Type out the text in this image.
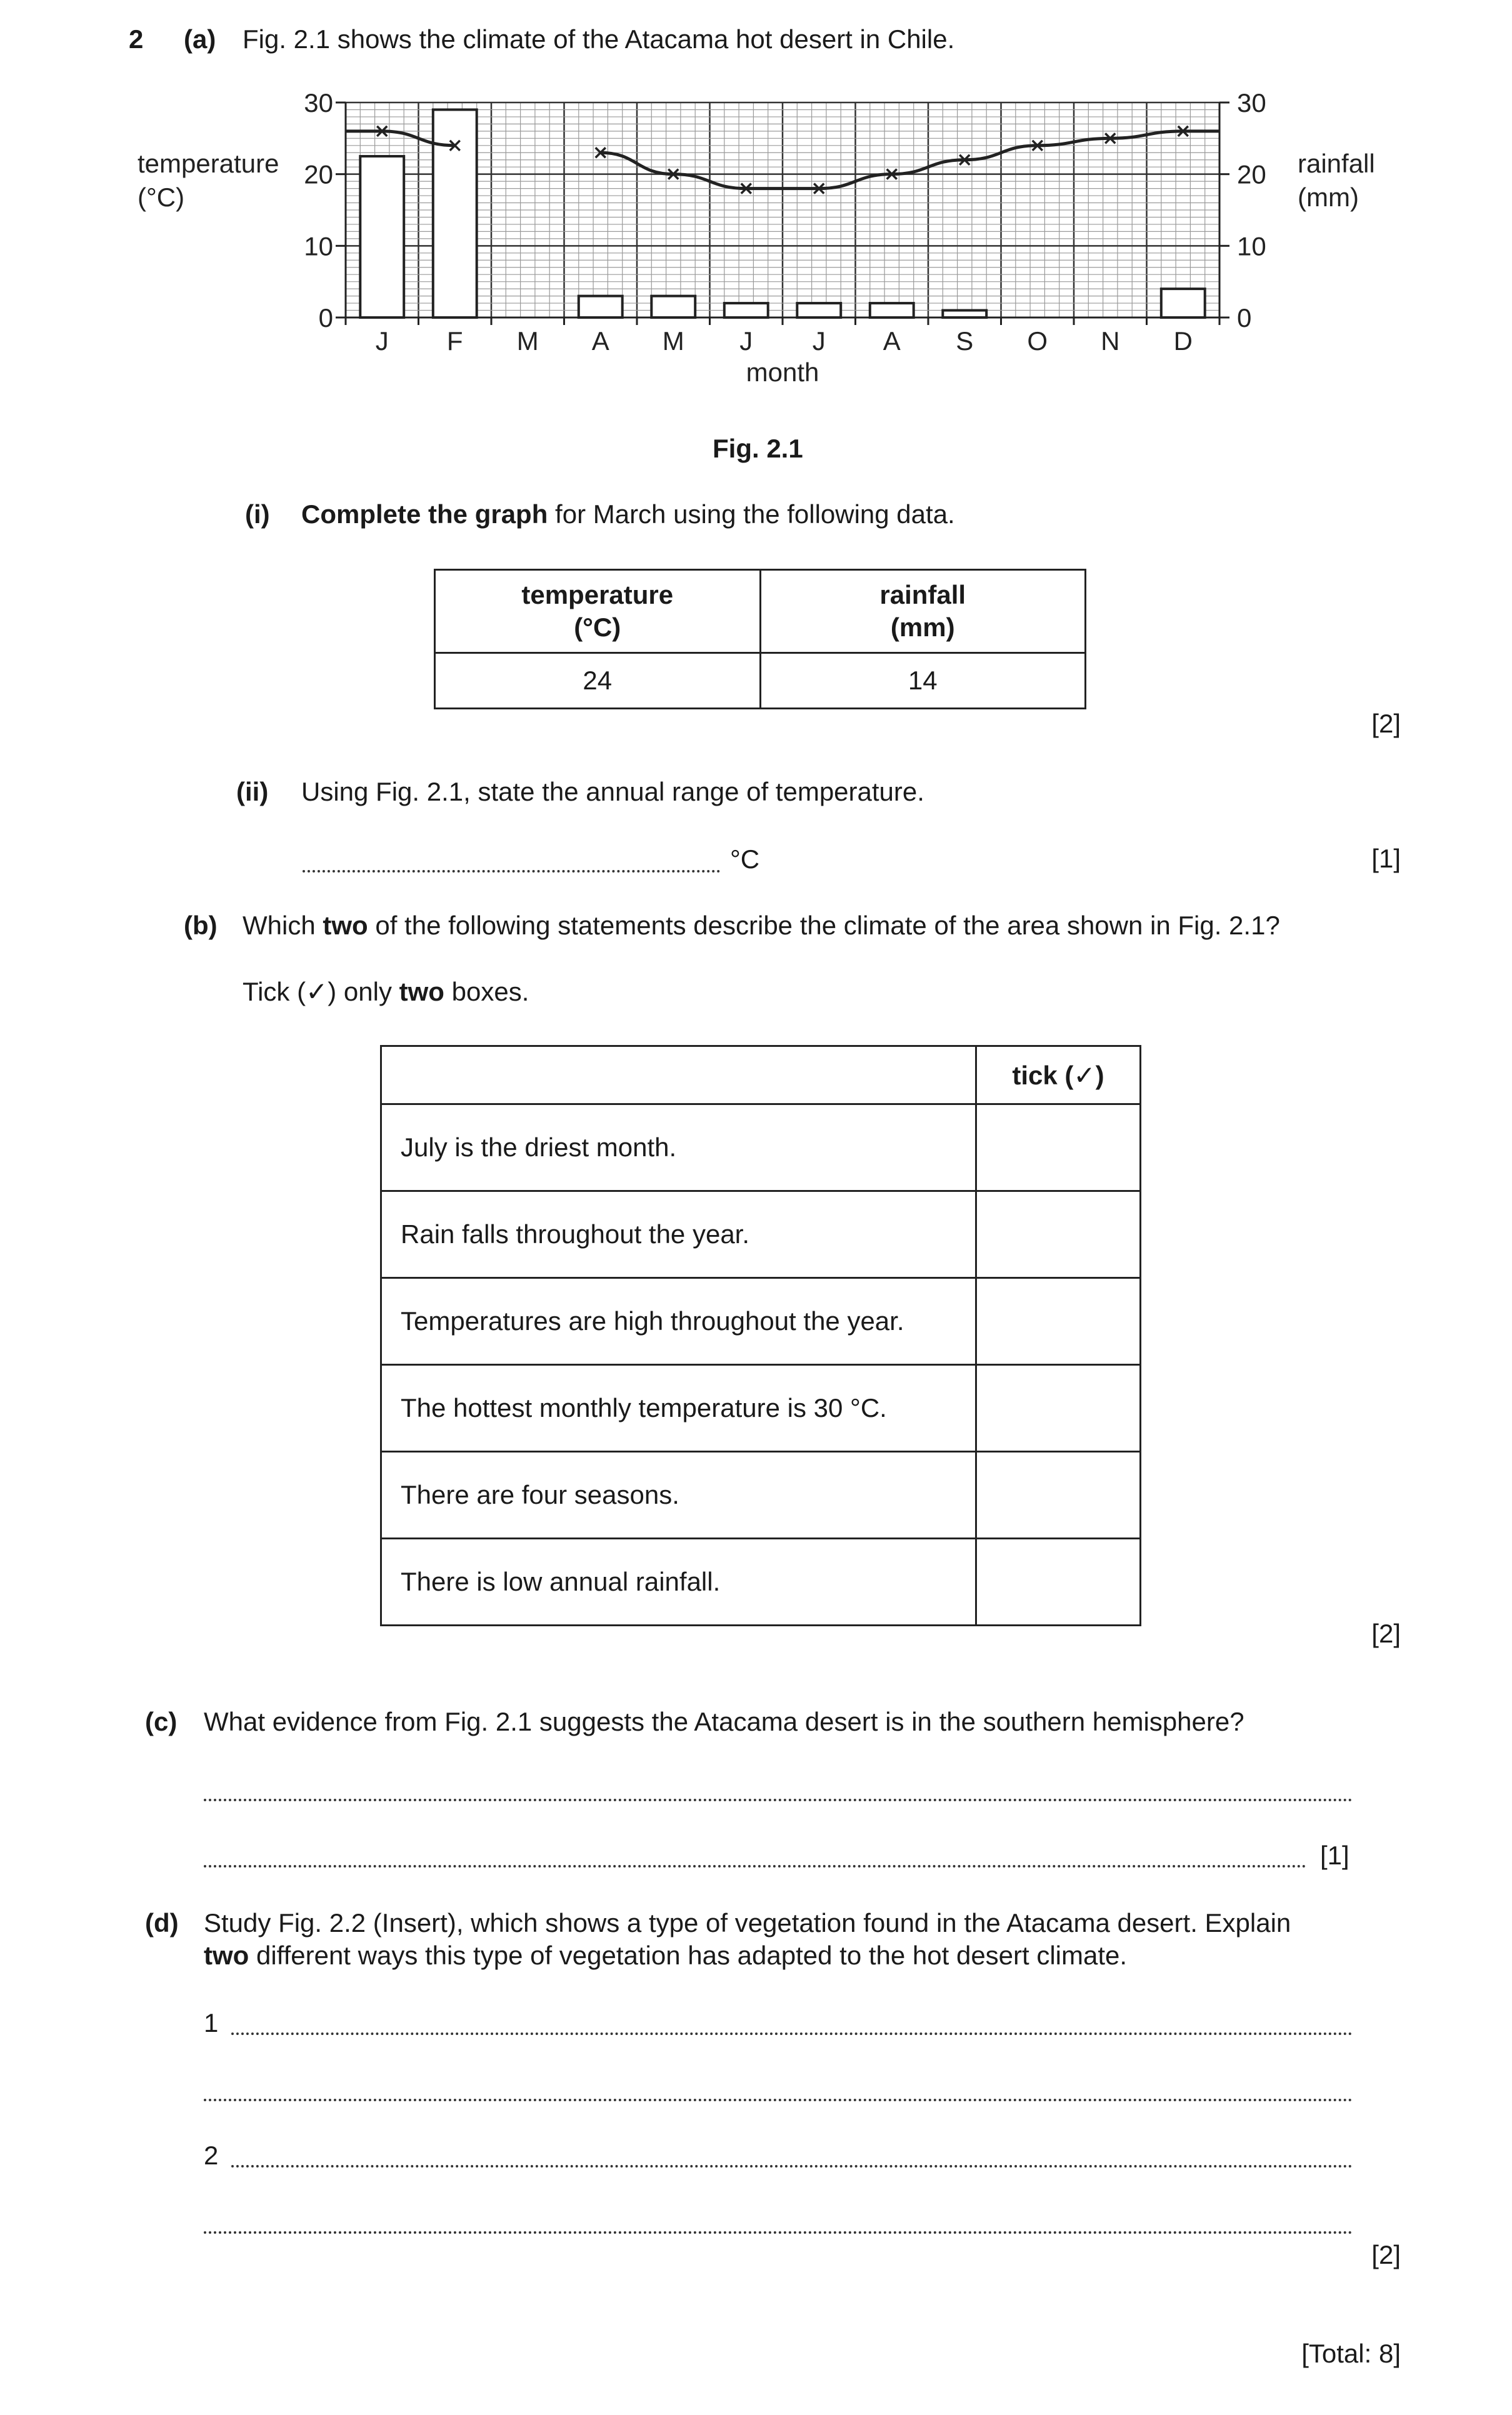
2 (a) Fig. 2.1 shows the climate of the Atacama hot desert in Chile.
0
10
20
30
0
10
20
30
J F M A M J J A S O N D
month
temperature
(°C)
rainfall
(mm)
Fig. 2.1
(i) Complete the graph for March using the following data.
temperature
(°C)	rainfall
(mm)
24	14
[2]
(ii) Using Fig. 2.1, state the annual range of temperature.
°C	[1]
(b) Which two of the following statements describe the climate of the area shown in Fig. 2.1?
Tick (✓) only two boxes.
	tick (✓)
July is the driest month.	
Rain falls throughout the year.	
Temperatures are high throughout the year.	
The hottest monthly temperature is 30 °C.	
There are four seasons.	
There is low annual rainfall.	
[2]
(c) What evidence from Fig. 2.1 suggests the Atacama desert is in the southern hemisphere?
[1]
(d) Study Fig. 2.2 (Insert), which shows a type of vegetation found in the Atacama desert. Explain
two different ways this type of vegetation has adapted to the hot desert climate.
1
2
[2]
[Total: 8]
